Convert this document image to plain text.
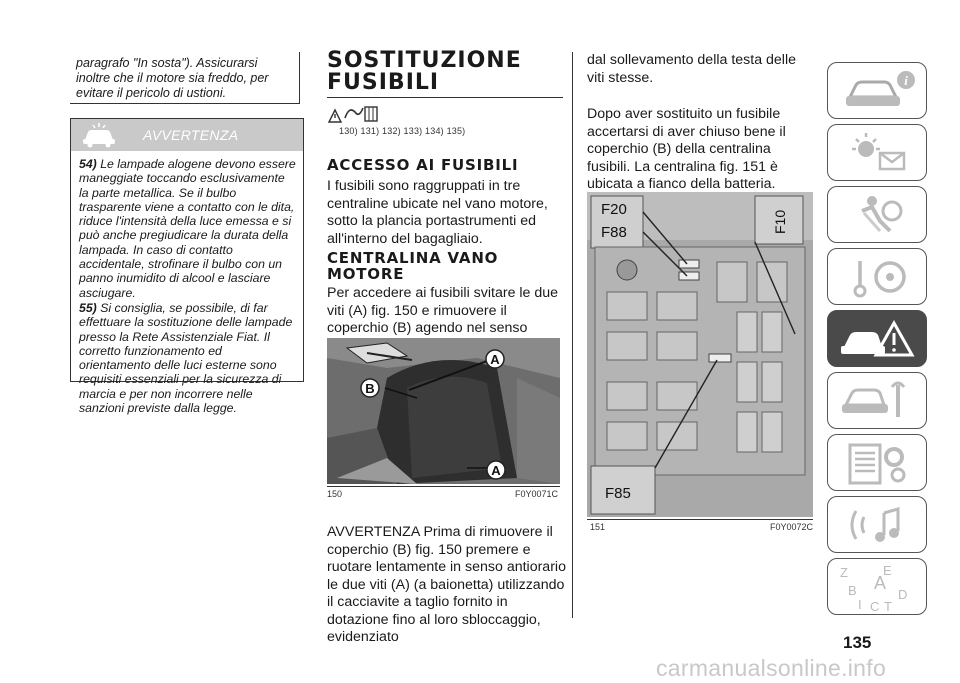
paragrafo "In sosta"). Assicurarsi inoltre che il motore sia freddo, per evitare il pericolo di ustioni.
AVVERTENZA

54) Le lampade alogene devono essere maneggiate toccando esclusivamente la parte metallica. Se il bulbo trasparente viene a contatto con le dita, riduce l'intensità della luce emessa e si può anche pregiudicare la durata della lampada. In caso di contatto accidentale, strofinare il bulbo con un panno inumidito di alcool e lasciare asciugare.

55) Si consiglia, se possibile, di far effettuare la sostituzione delle lampade presso la Rete Assistenziale Fiat. Il corretto funzionamento ed orientamento delle luci esterne sono requisiti essenziali per la sicurezza di marcia e per non incorrere nelle sanzioni previste dalla legge.

SOSTITUZIONE FUSIBILI
130) 131) 132) 133) 134) 135)
ACCESSO AI FUSIBILI
I fusibili sono raggruppati in tre centraline ubicate nel vano motore, sotto la plancia portastrumenti ed all'interno del bagagliaio.
CENTRALINA VANO MOTORE
Per accedere ai fusibili svitare le due viti (A) fig. 150 e rimuovere il coperchio (B) agendo nel senso
A
B
A
150	F0Y0071C
AVVERTENZA Prima di rimuovere il coperchio (B) fig. 150 premere e ruotare lentamente in senso antiorario le due viti (A) (a baionetta) utilizzando il cacciavite a taglio fornito in dotazione fino al loro sbloccaggio, evidenziato
dal sollevamento della testa delle viti stesse.
Dopo aver sostituito un fusibile accertarsi di aver chiuso bene il coperchio (B) della centralina fusibili. La centralina fig. 151 è ubicata a fianco della batteria.
F20
F88	F10
F85
151	F0Y0072C
i
Z	E
B A
D
I C T
135
carmanualsonline.info
